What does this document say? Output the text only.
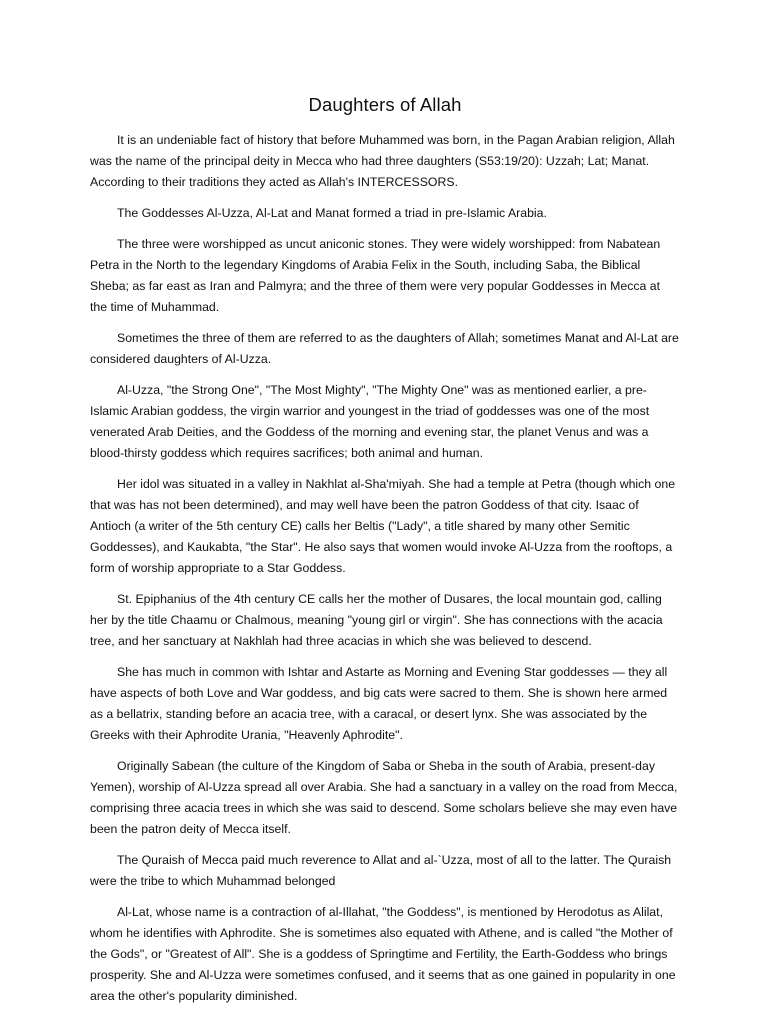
Daughters of Allah

It is an undeniable fact of history that before Muhammed was born, in the Pagan Arabian religion, Allah was the name of the principal deity in Mecca who had three daughters (S53:19/20): Uzzah; Lat; Manat. According to their traditions they acted as Allah's INTERCESSORS.

The Goddesses Al-Uzza, Al-Lat and Manat formed a triad in pre-Islamic Arabia.

The three were worshipped as uncut aniconic stones. They were widely worshipped: from Nabatean Petra in the North to the legendary Kingdoms of Arabia Felix in the South, including Saba, the Biblical Sheba; as far east as Iran and Palmyra; and the three of them were very popular Goddesses in Mecca at the time of Muhammad.

Sometimes the three of them are referred to as the daughters of Allah; sometimes Manat and Al-Lat are considered daughters of Al-Uzza.

Al-Uzza, "the Strong One", "The Most Mighty", "The Mighty One" was as mentioned earlier, a pre-Islamic Arabian goddess, the virgin warrior and youngest in the triad of goddesses was one of the most venerated Arab Deities, and the Goddess of the morning and evening star, the planet Venus and was a blood-thirsty goddess which requires sacrifices; both animal and human.

Her idol was situated in a valley in Nakhlat al-Sha'miyah. She had a temple at Petra (though which one that was has not been determined), and may well have been the patron Goddess of that city. Isaac of Antioch (a writer of the 5th century CE) calls her Beltis ("Lady", a title shared by many other Semitic Goddesses), and Kaukabta, "the Star". He also says that women would invoke Al-Uzza from the rooftops, a form of worship appropriate to a Star Goddess.

St. Epiphanius of the 4th century CE calls her the mother of Dusares, the local mountain god, calling her by the title Chaamu or Chalmous, meaning "young girl or virgin". She has connections with the acacia tree, and her sanctuary at Nakhlah had three acacias in which she was believed to descend.

She has much in common with Ishtar and Astarte as Morning and Evening Star goddesses — they all have aspects of both Love and War goddess, and big cats were sacred to them. She is shown here armed as a bellatrix, standing before an acacia tree, with a caracal, or desert lynx. She was associated by the Greeks with their Aphrodite Urania, "Heavenly Aphrodite".

Originally Sabean (the culture of the Kingdom of Saba or Sheba in the south of Arabia, present-day Yemen), worship of Al-Uzza spread all over Arabia. She had a sanctuary in a valley on the road from Mecca, comprising three acacia trees in which she was said to descend. Some scholars believe she may even have been the patron deity of Mecca itself.

The Quraish of Mecca paid much reverence to Allat and al-`Uzza, most of all to the latter. The Quraish were the tribe to which Muhammad belonged

Al-Lat, whose name is a contraction of al-Illahat, "the Goddess", is mentioned by Herodotus as Alilat, whom he identifies with Aphrodite. She is sometimes also equated with Athene, and is called "the Mother of the Gods", or "Greatest of All". She is a goddess of Springtime and Fertility, the Earth-Goddess who brings prosperity. She and Al-Uzza were sometimes confused, and it seems that as one gained in popularity in one area the other's popularity diminished.
